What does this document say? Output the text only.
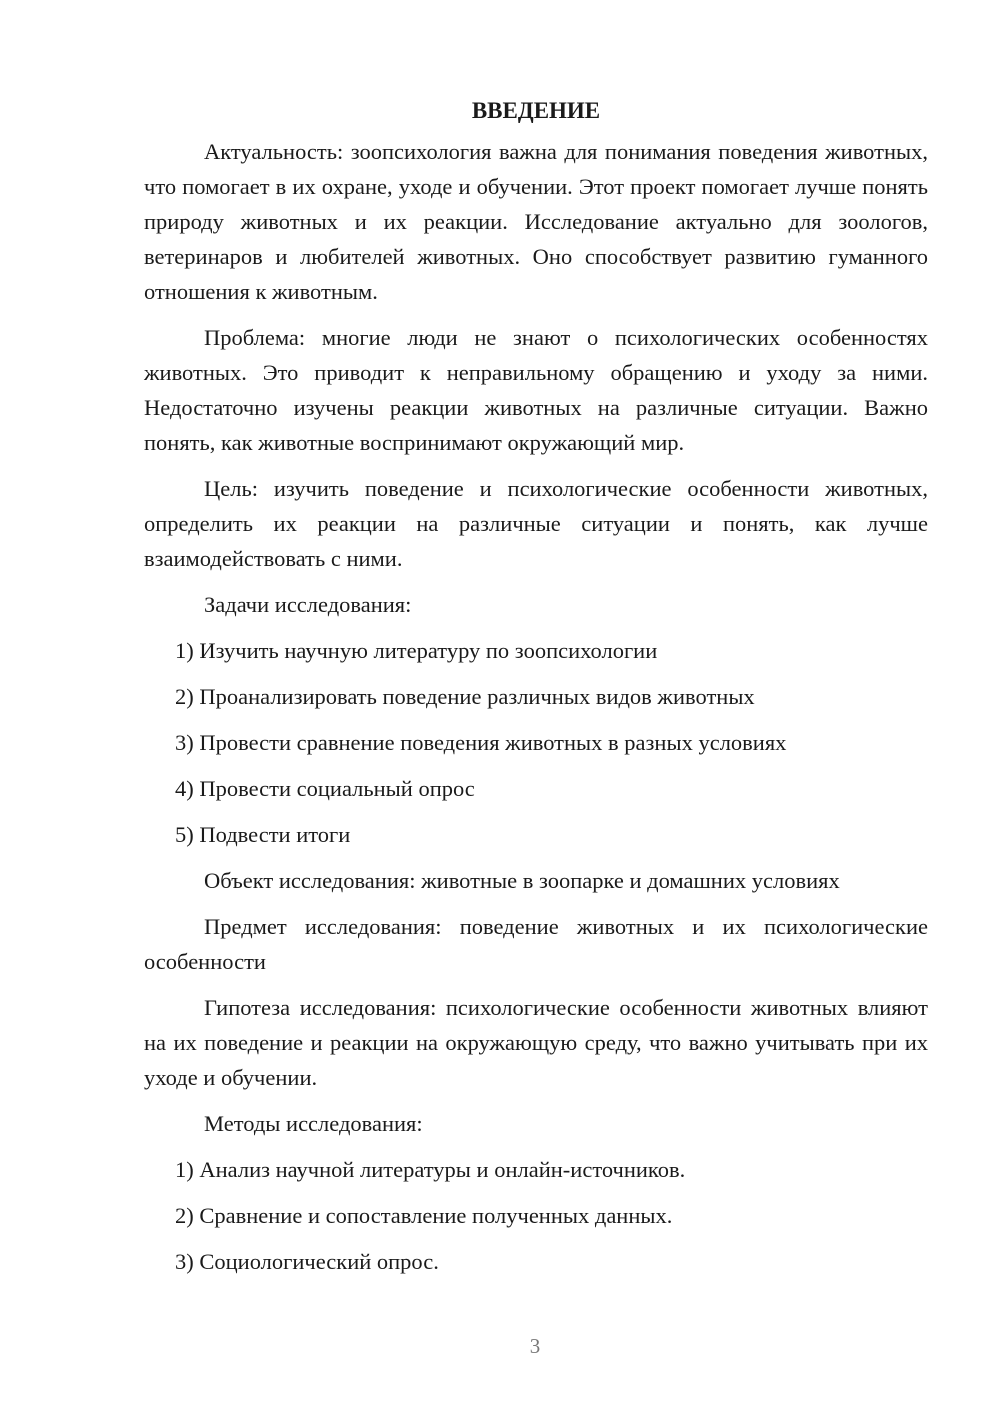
ВВЕДЕНИЕ

Актуальность: зоопсихология важна для понимания поведения животных, что помогает в их охране, уходе и обучении. Этот проект помогает лучше понять природу животных и их реакции. Исследование актуально для зоологов, ветеринаров и любителей животных. Оно способствует развитию гуманного отношения к животным.

Проблема: многие люди не знают о психологических особенностях животных. Это приводит к неправильному обращению и уходу за ними. Недостаточно изучены реакции животных на различные ситуации. Важно понять, как животные воспринимают окружающий мир.

Цель: изучить поведение и психологические особенности животных, определить их реакции на различные ситуации и понять, как лучше взаимодействовать с ними.

Задачи исследования:
1) Изучить научную литературу по зоопсихологии
2) Проанализировать поведение различных видов животных
3) Провести сравнение поведения животных в разных условиях
4) Провести социальный опрос
5) Подвести итоги
Объект исследования: животные в зоопарке и домашних условиях

Предмет исследования: поведение животных и их психологические особенности

Гипотеза исследования: психологические особенности животных влияют на их поведение и реакции на окружающую среду, что важно учитывать при их уходе и обучении.

Методы исследования:
1) Анализ научной литературы и онлайн-источников.
2) Сравнение и сопоставление полученных данных.
3) Социологический опрос.
3
